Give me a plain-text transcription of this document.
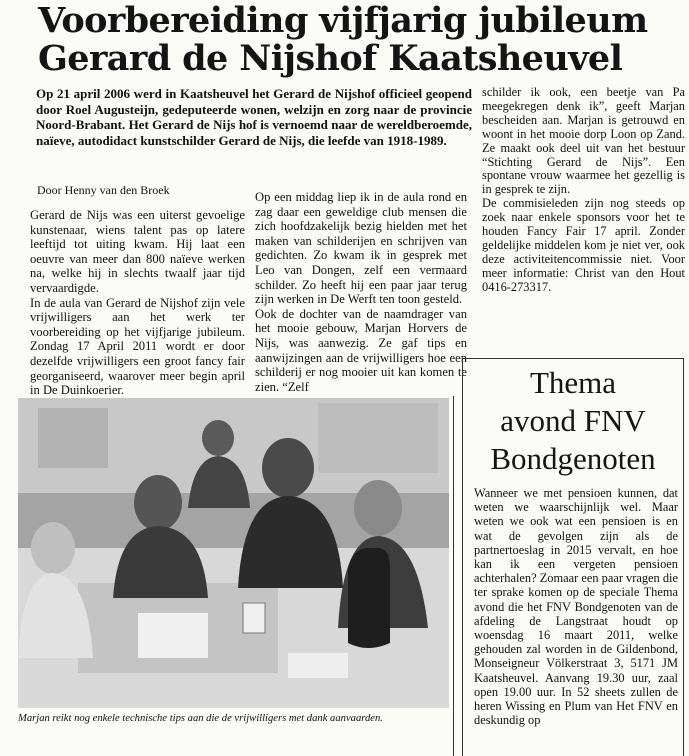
Voorbereiding vijfjarig jubileum
Gerard de Nijshof Kaatsheuvel
Op 21 april 2006 werd in Kaatsheuvel het Gerard de Nijshof officieel geopend door Roel Augusteijn, gedeputeerde wonen, welzijn en zorg naar de provincie Noord-Brabant. Het Gerard de Nijs hof is vernoemd naar de wereldberoemde, naïeve, autodidact kunstschilder Gerard de Nijs, die leefde van 1918-1989.
Door Henny van den Broek

Gerard de Nijs was een uiterst gevoelige kunstenaar, wiens talent pas op latere leeftijd tot uiting kwam. Hij laat een oeuvre van meer dan 800 naïeve werken na, welke hij in slechts twaalf jaar tijd vervaardigde.

In de aula van Gerard de Nijshof zijn vele vrijwilligers aan het werk ter voorbereiding op het vijfjarige jubileum. Zondag 17 April 2011 wordt er door dezelfde vrijwilligers een groot fancy fair georganiseerd, waarover meer begin april in De Duinkoerier.

Op een middag liep ik in de aula rond en zag daar een geweldige club mensen die zich hoofdzakelijk bezig hielden met het maken van schilderijen en schrijven van gedichten. Zo kwam ik in gesprek met Leo van Dongen, zelf een vermaard schilder. Zo heeft hij een paar jaar terug zijn werken in De Werft ten toon gesteld.

Ook de dochter van de naamdrager van het mooie gebouw, Marjan Horvers de Nijs, was aanwezig. Ze gaf tips en aanwijzingen aan de vrijwilligers hoe een schilderij er nog mooier uit kan komen te zien. “Zelf

schilder ik ook, een beetje van Pa meegekregen denk ik”, geeft Marjan bescheiden aan. Marjan is getrouwd en woont in het mooie dorp Loon op Zand. Ze maakt ook deel uit van het bestuur “Stichting Gerard de Nijs”. Een spontane vrouw waarmee het gezellig is in gesprek te zijn.

De commisieleden zijn nog steeds op zoek naar enkele sponsors voor het te houden Fancy Fair 17 april. Zonder geldelijke middelen kom je niet ver, ook deze activiteitencommissie niet. Voor meer informatie: Christ van den Hout 0416-273317.

Marjan reikt nog enkele technische tips aan die de vrijwilligers met dank aanvaarden.
Thema
avond FNV
Bondgenoten

Wanneer we met pensioen kunnen, dat weten we waarschijnlijk wel. Maar weten we ook wat een pensioen is en wat de gevolgen zijn als de partnertoeslag in 2015 vervalt, en hoe kan ik een vergeten pensioen achterhalen? Zomaar een paar vragen die ter sprake komen op de speciale Thema avond die het FNV Bondgenoten van de afdeling de Langstraat houdt op woensdag 16 maart 2011, welke gehouden zal worden in de Gildenbond, Monseigneur Völkerstraat 3, 5171 JM Kaatsheuvel. Aanvang 19.30 uur, zaal open 19.00 uur. In 52 sheets zullen de heren Wissing en Plum van Het FNV en deskundig op
